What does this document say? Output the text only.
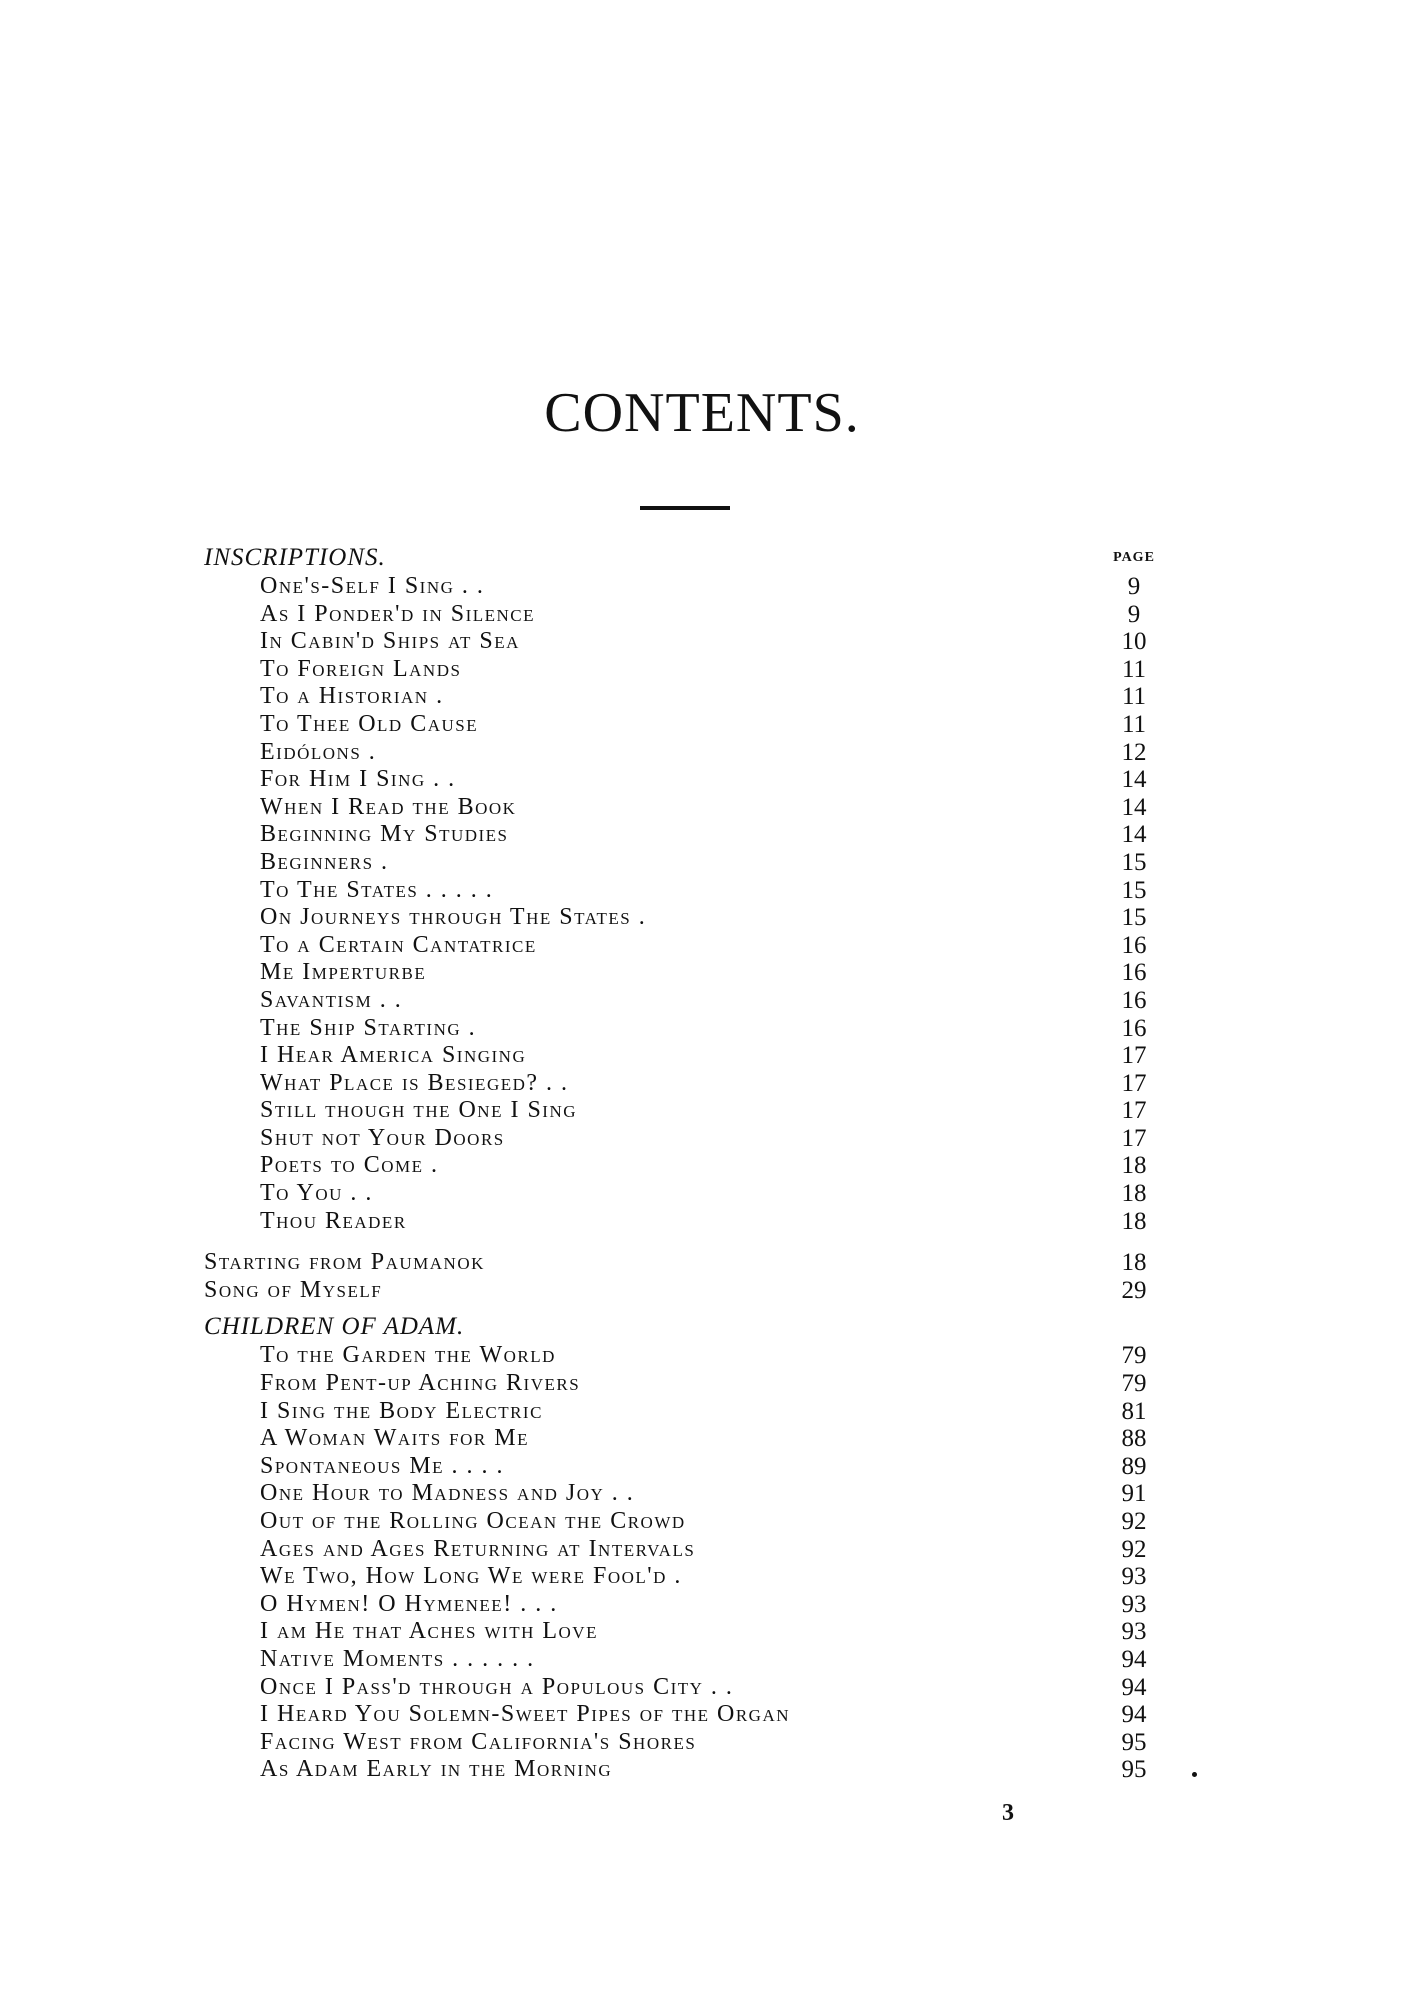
CONTENTS.
INSCRIPTIONS.	PAGE
One's-Self I Sing . .	9
As I Ponder'd in Silence	9
In Cabin'd Ships at Sea	10
To Foreign Lands	11
To a Historian .	11
To Thee Old Cause	11
Eidólons .	12
For Him I Sing . .	14
When I Read the Book	14
Beginning My Studies	14
Beginners .	15
To The States . . . . .	15
On Journeys through The States .	15
To a Certain Cantatrice	16
Me Imperturbe	16
Savantism . .	16
The Ship Starting .	16
I Hear America Singing	17
What Place is Besieged? . .	17
Still though the One I Sing	17
Shut not Your Doors	17
Poets to Come .	18
To You . .	18
Thou Reader	18
Starting from Paumanok	18
Song of Myself	29
CHILDREN OF ADAM.
To the Garden the World	79
From Pent-up Aching Rivers	79
I Sing the Body Electric	81
A Woman Waits for Me	88
Spontaneous Me . . . .	89
One Hour to Madness and Joy . .	91
Out of the Rolling Ocean the Crowd	92
Ages and Ages Returning at Intervals	92
We Two, How Long We were Fool'd .	93
O Hymen! O Hymenee! . . .	93
I am He that Aches with Love	93
Native Moments . . . . . .	94
Once I Pass'd through a Populous City . .	94
I Heard You Solemn-Sweet Pipes of the Organ	94
Facing West from California's Shores	95
As Adam Early in the Morning	95
3
